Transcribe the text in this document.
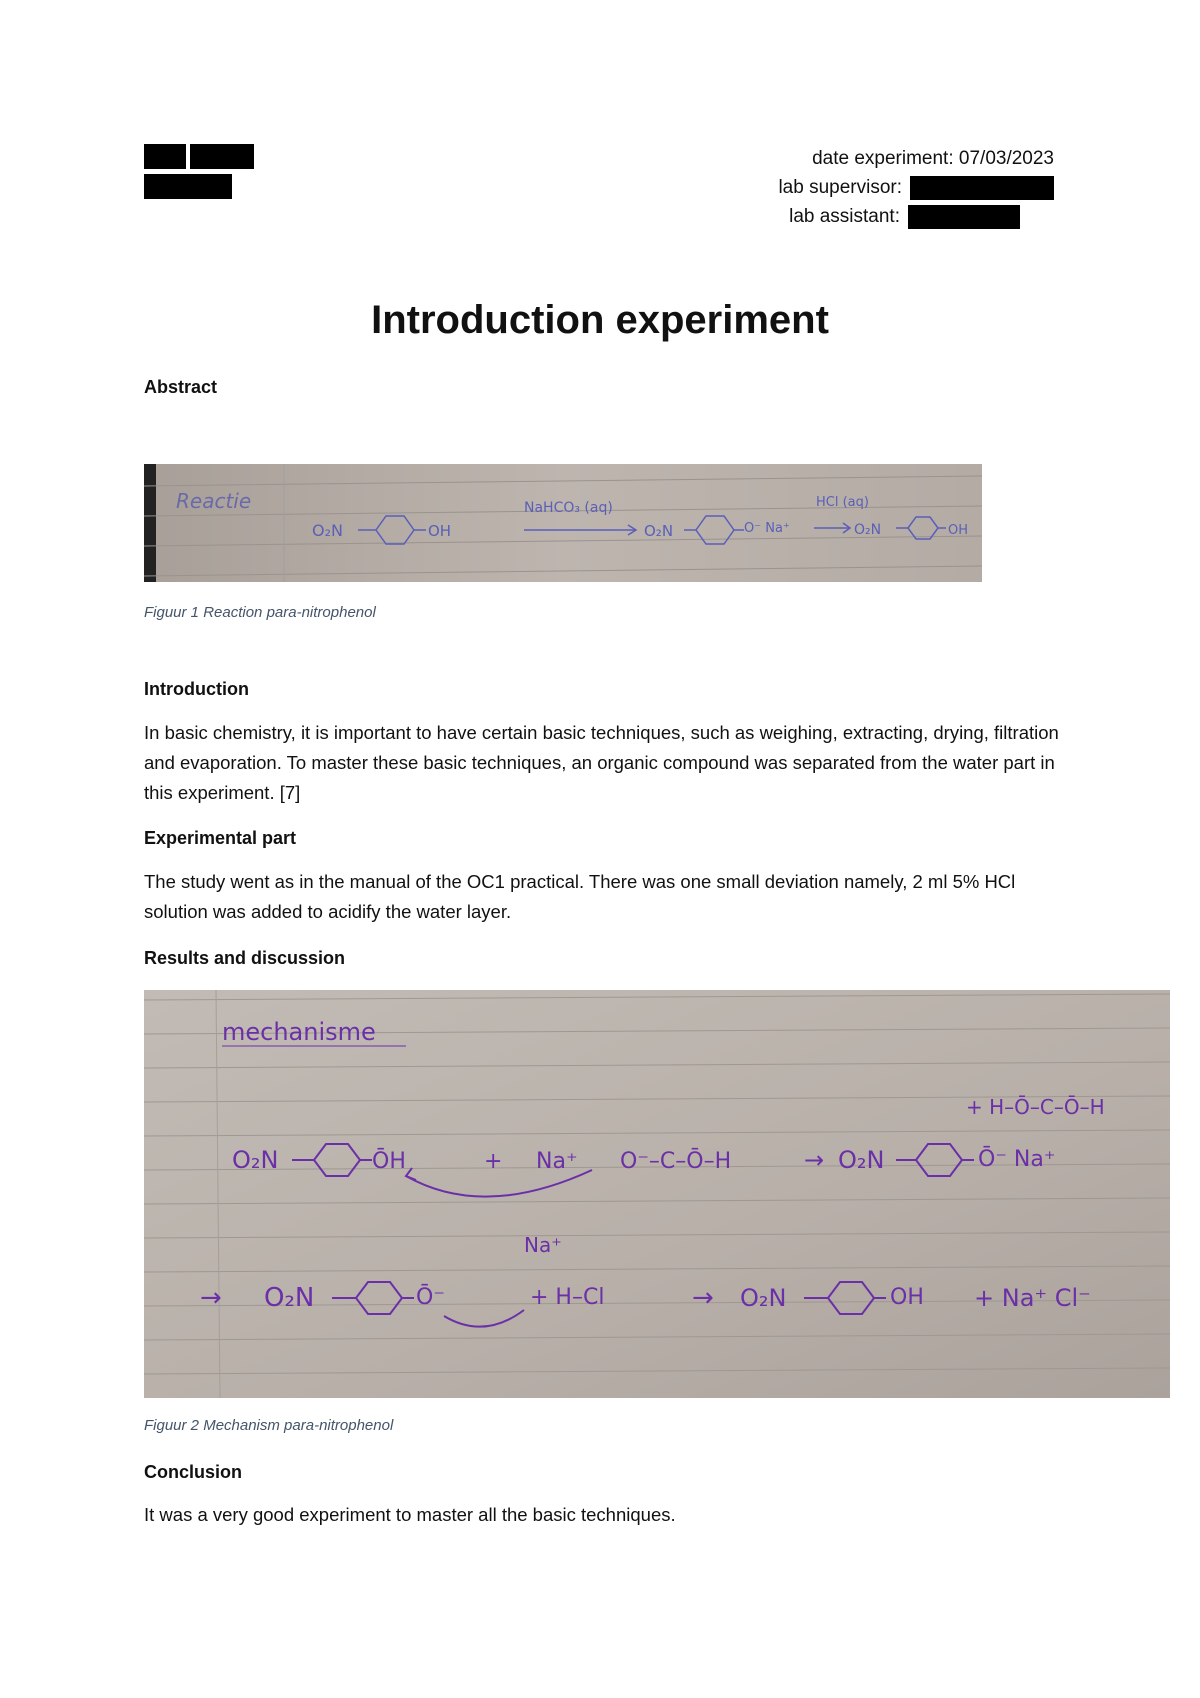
date experiment:
07/03/2023
lab supervisor:
lab assistant:
Introduction experiment
Abstract
Reactie
O₂N	OH
NaHCO₃ (aq)
O₂N	O⁻ Na⁺
HCl (aq)
O₂N	OH
Figuur 1 Reaction para-nitrophenol
Introduction
In basic chemistry, it is important to have certain basic techniques, such as weighing, extracting, drying, filtration and evaporation. To master these basic techniques, an organic compound was separated from the water part in this experiment. [7]
Experimental part
The study went as in the manual of the OC1 practical. There was one small deviation namely, 2 ml 5% HCl solution was added to acidify the water layer.
Results and discussion
mechanisme
O₂N	ŌH	+ Na⁺ O⁻–C–Ō–H	→ O₂N	Ō⁻ Na⁺
+ H–Ō–C–Ō–H
→ O₂N	Ō⁻
Na⁺
+ H–Cl	→ O₂N	OH + Na⁺ Cl⁻
Figuur 2 Mechanism para-nitrophenol
Conclusion
It was a very good experiment to master all the basic techniques.
